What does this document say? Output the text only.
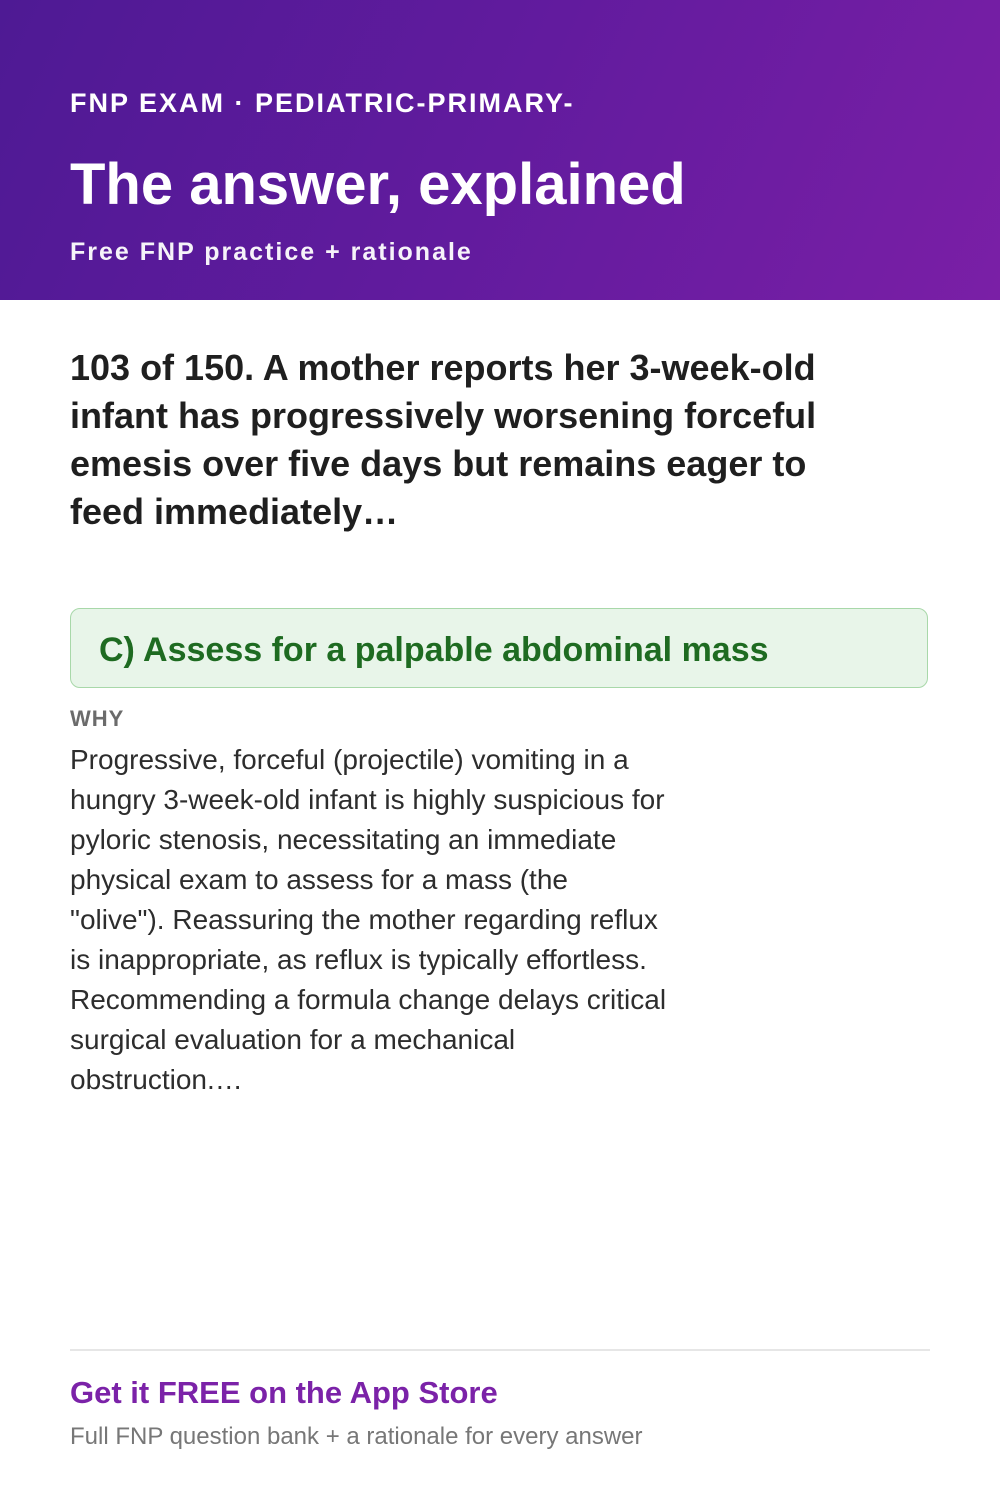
FNP EXAM · PEDIATRIC-PRIMARY-
The answer, explained
Free FNP practice + rationale
103 of 150. A mother reports her 3-week-old infant has progressively worsening forceful emesis over five days but remains eager to feed immediately…
C) Assess for a palpable abdominal mass
WHY
Progressive, forceful (projectile) vomiting in a hungry 3-week-old infant is highly suspicious for pyloric stenosis, necessitating an immediate physical exam to assess for a mass (the "olive"). Reassuring the mother regarding reflux is inappropriate, as reflux is typically effortless. Recommending a formula change delays critical surgical evaluation for a mechanical obstruction.…
Get it FREE on the App Store
Full FNP question bank + a rationale for every answer
